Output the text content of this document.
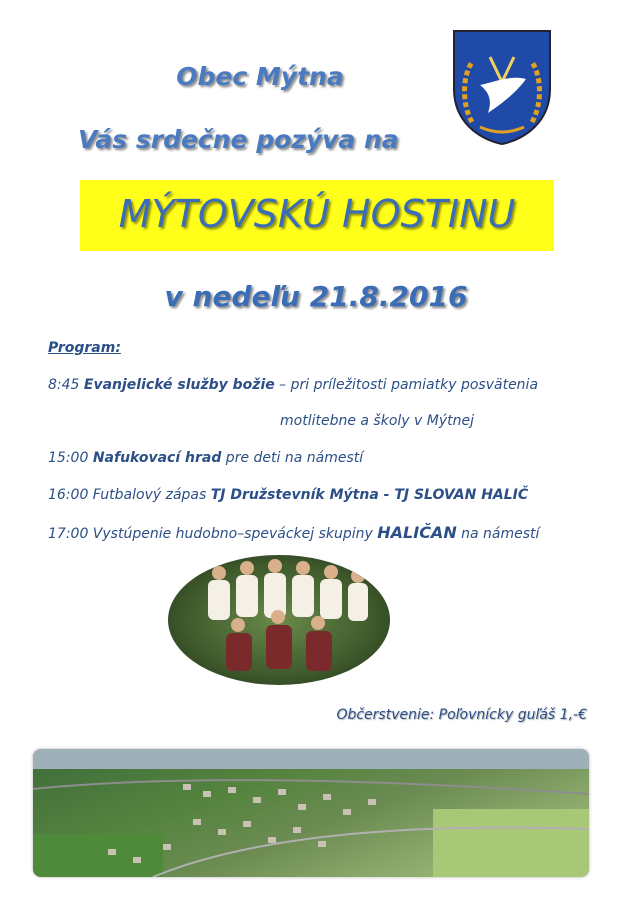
Obec Mýtna
Vás srdečne pozýva na
MÝTOVSKÚ HOSTINU
v nedeľu 21.8.2016
Program:
8:45 Evanjelické služby božie – pri príležitosti pamiatky posvätenia
motlitebne a školy v Mýtnej
15:00 Nafukovací hrad pre deti na námestí
16:00 Futbalový zápas TJ Družstevník Mýtna - TJ SLOVAN HALIČ
17:00 Vystúpenie hudobno–speváckej skupiny HALIČAN na námestí
Občerstvenie: Poľovnícky guľáš 1,-€
